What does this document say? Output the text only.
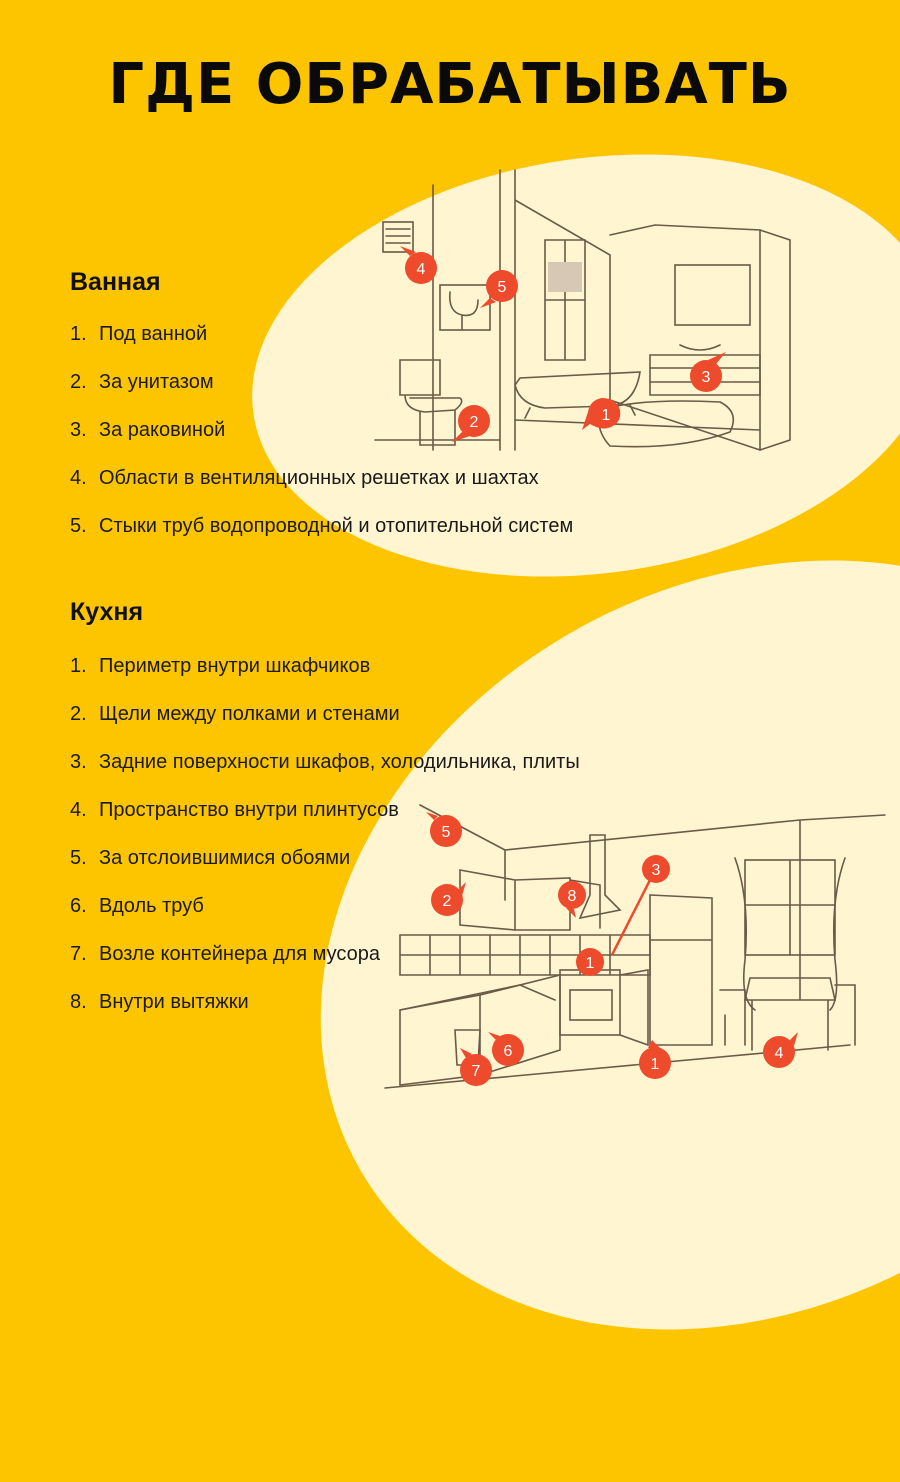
ГДЕ ОБРАБАТЫВАТЬ
1
2
3
4
5
1
1
2
3
4
5
6
7
8
Ванная
1. Под ванной
2. За унитазом
3. За раковиной
4. Области в вентиляционных решетках и шахтах
5. Стыки труб водопроводной и отопительной систем
Кухня
1. Периметр внутри шкафчиков
2. Щели между полками и стенами
3. Задние поверхности шкафов, холодильника, плиты
4. Пространство внутри плинтусов
5. За отслоившимися обоями
6. Вдоль труб
7. Возле контейнера для мусора
8. Внутри вытяжки
